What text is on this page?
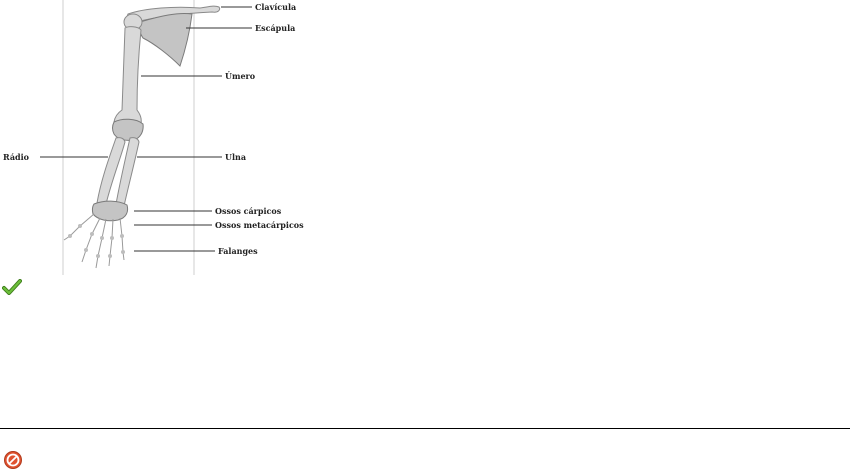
Clavícula
Escápula
Úmero
Rádio	Ulna
Ossos cárpicos
Ossos metacárpicos
Falanges
